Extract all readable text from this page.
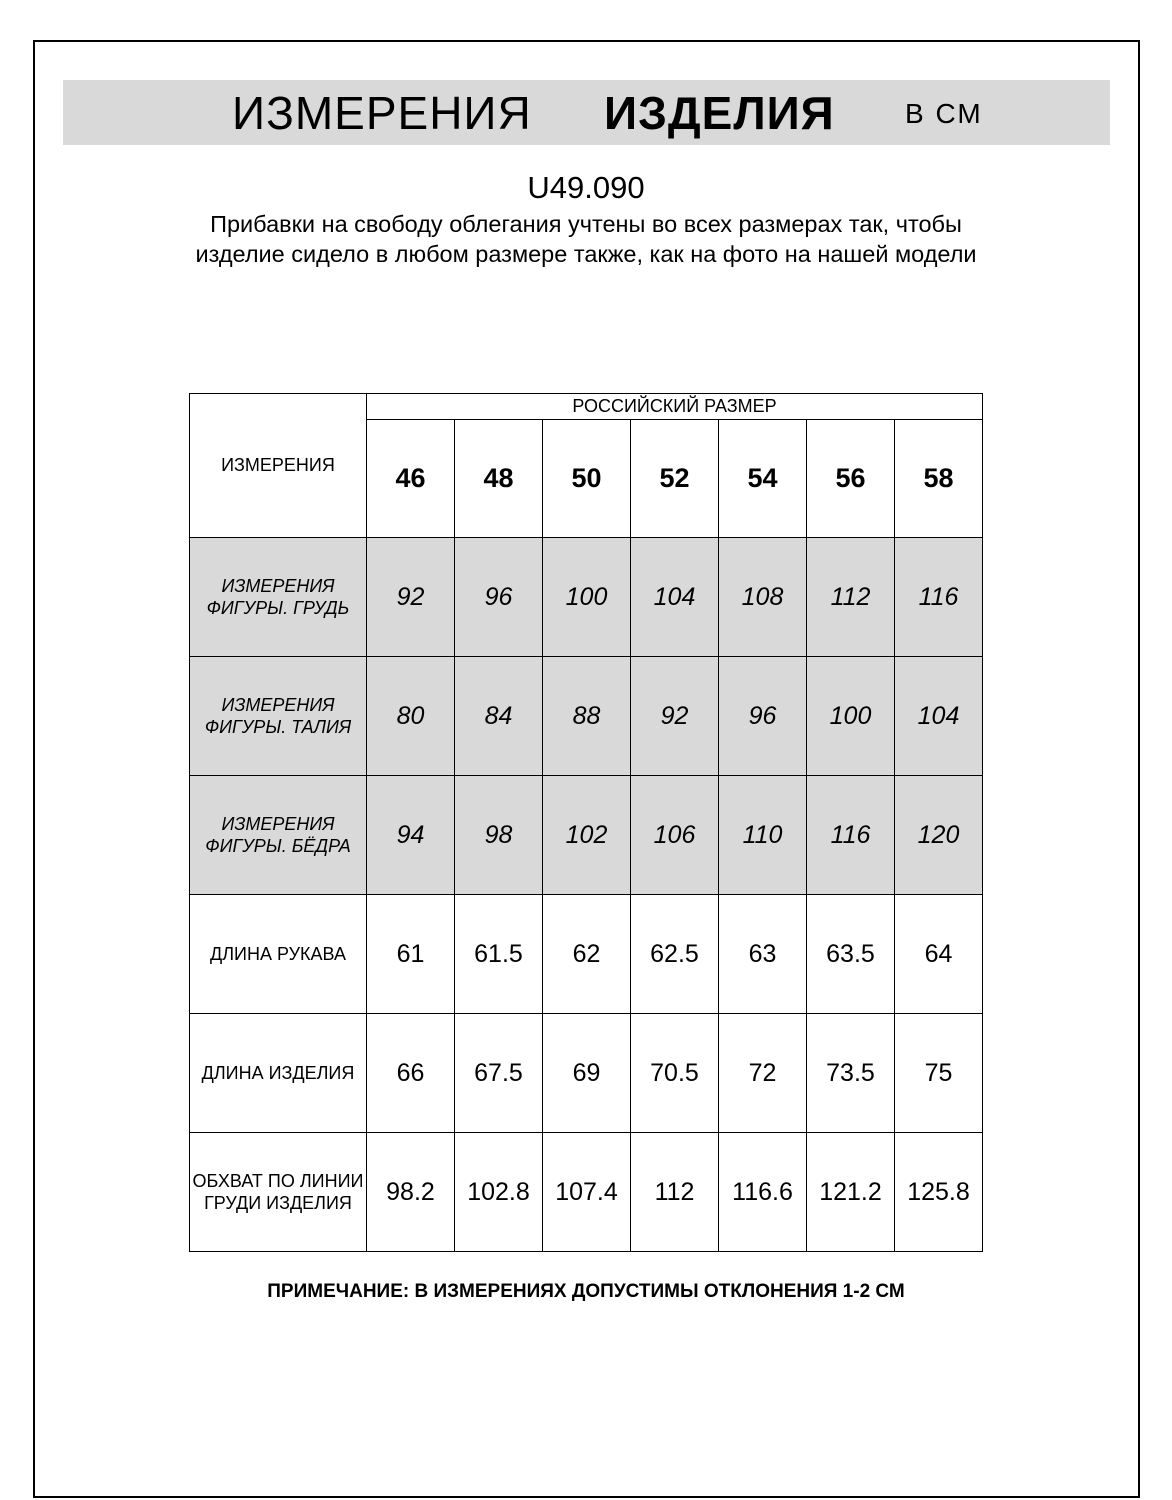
ИЗМЕРЕНИЯ ИЗДЕЛИЯ	В СМ
U49.090
Прибавки на свободу облегания учтены во всех размерах так, чтобы изделие сидело в любом размере также, как на фото на нашей модели
ИЗМЕРЕНИЯ	РОССИЙСКИЙ РАЗМЕР						
	46	48	50	52	54	56	58
ИЗМЕРЕНИЯ ФИГУРЫ. ГРУДЬ	92	96	100	104	108	112	116
ИЗМЕРЕНИЯ ФИГУРЫ. ТАЛИЯ	80	84	88	92	96	100	104
ИЗМЕРЕНИЯ ФИГУРЫ. БЁДРА	94	98	102	106	110	116	120
ДЛИНА РУКАВА	61	61.5	62	62.5	63	63.5	64
ДЛИНА ИЗДЕЛИЯ	66	67.5	69	70.5	72	73.5	75
ОБХВАТ ПО ЛИНИИ ГРУДИ ИЗДЕЛИЯ	98.2	102.8	107.4	112	116.6	121.2	125.8
ПРИМЕЧАНИЕ: В ИЗМЕРЕНИЯХ ДОПУСТИМЫ ОТКЛОНЕНИЯ 1-2 СМ
